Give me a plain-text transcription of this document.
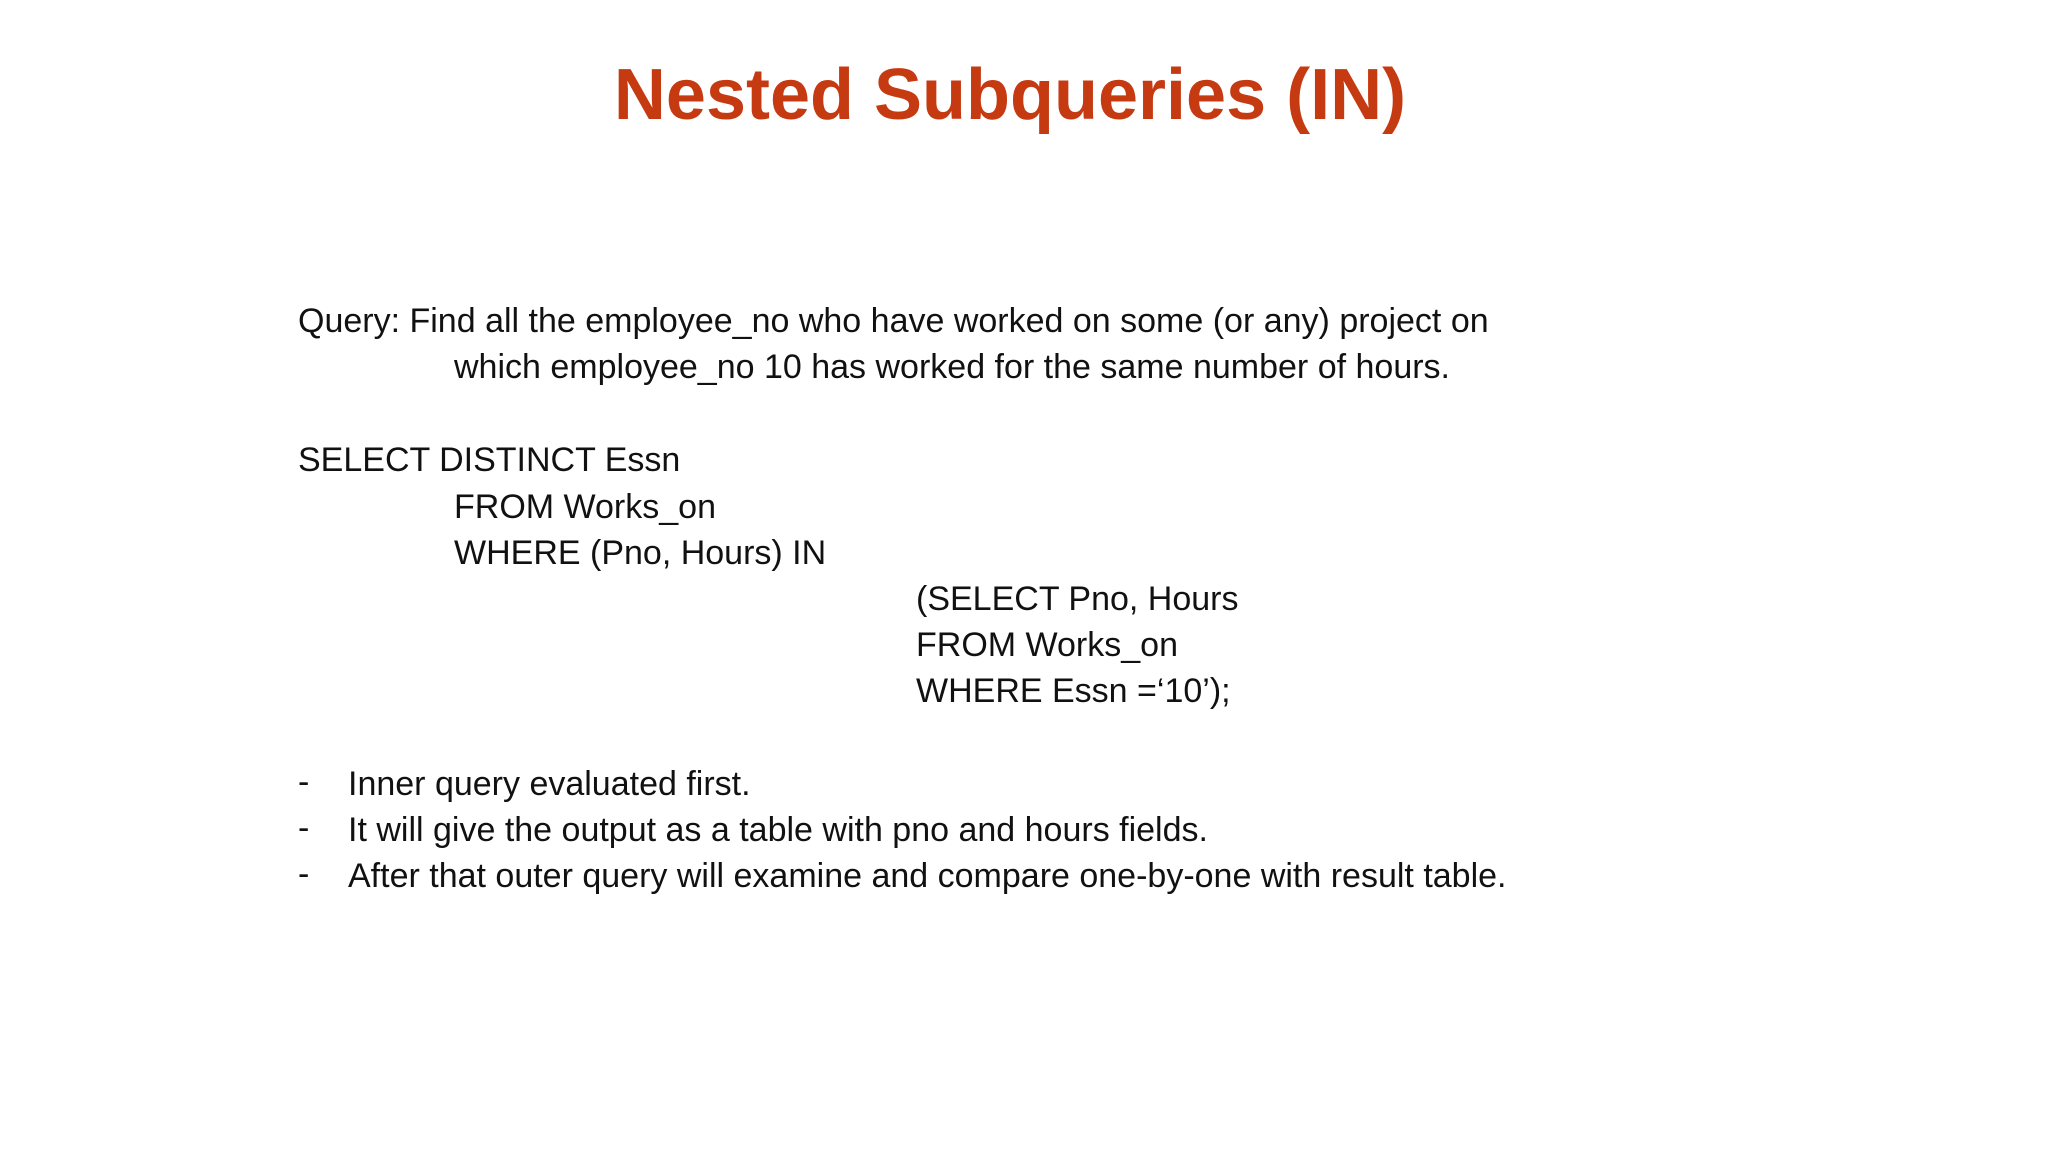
Nested Subqueries (IN)
Query: Find all the employee_no who have worked on some (or any) project on
which employee_no 10 has worked for the same number of hours.
SELECT DISTINCT Essn
FROM Works_on
WHERE (Pno, Hours) IN
(SELECT Pno, Hours
FROM Works_on
WHERE Essn =‘10’);
- Inner query evaluated first.
- It will give the output as a table with pno and hours fields.
- After that outer query will examine and compare one-by-one with result table.
